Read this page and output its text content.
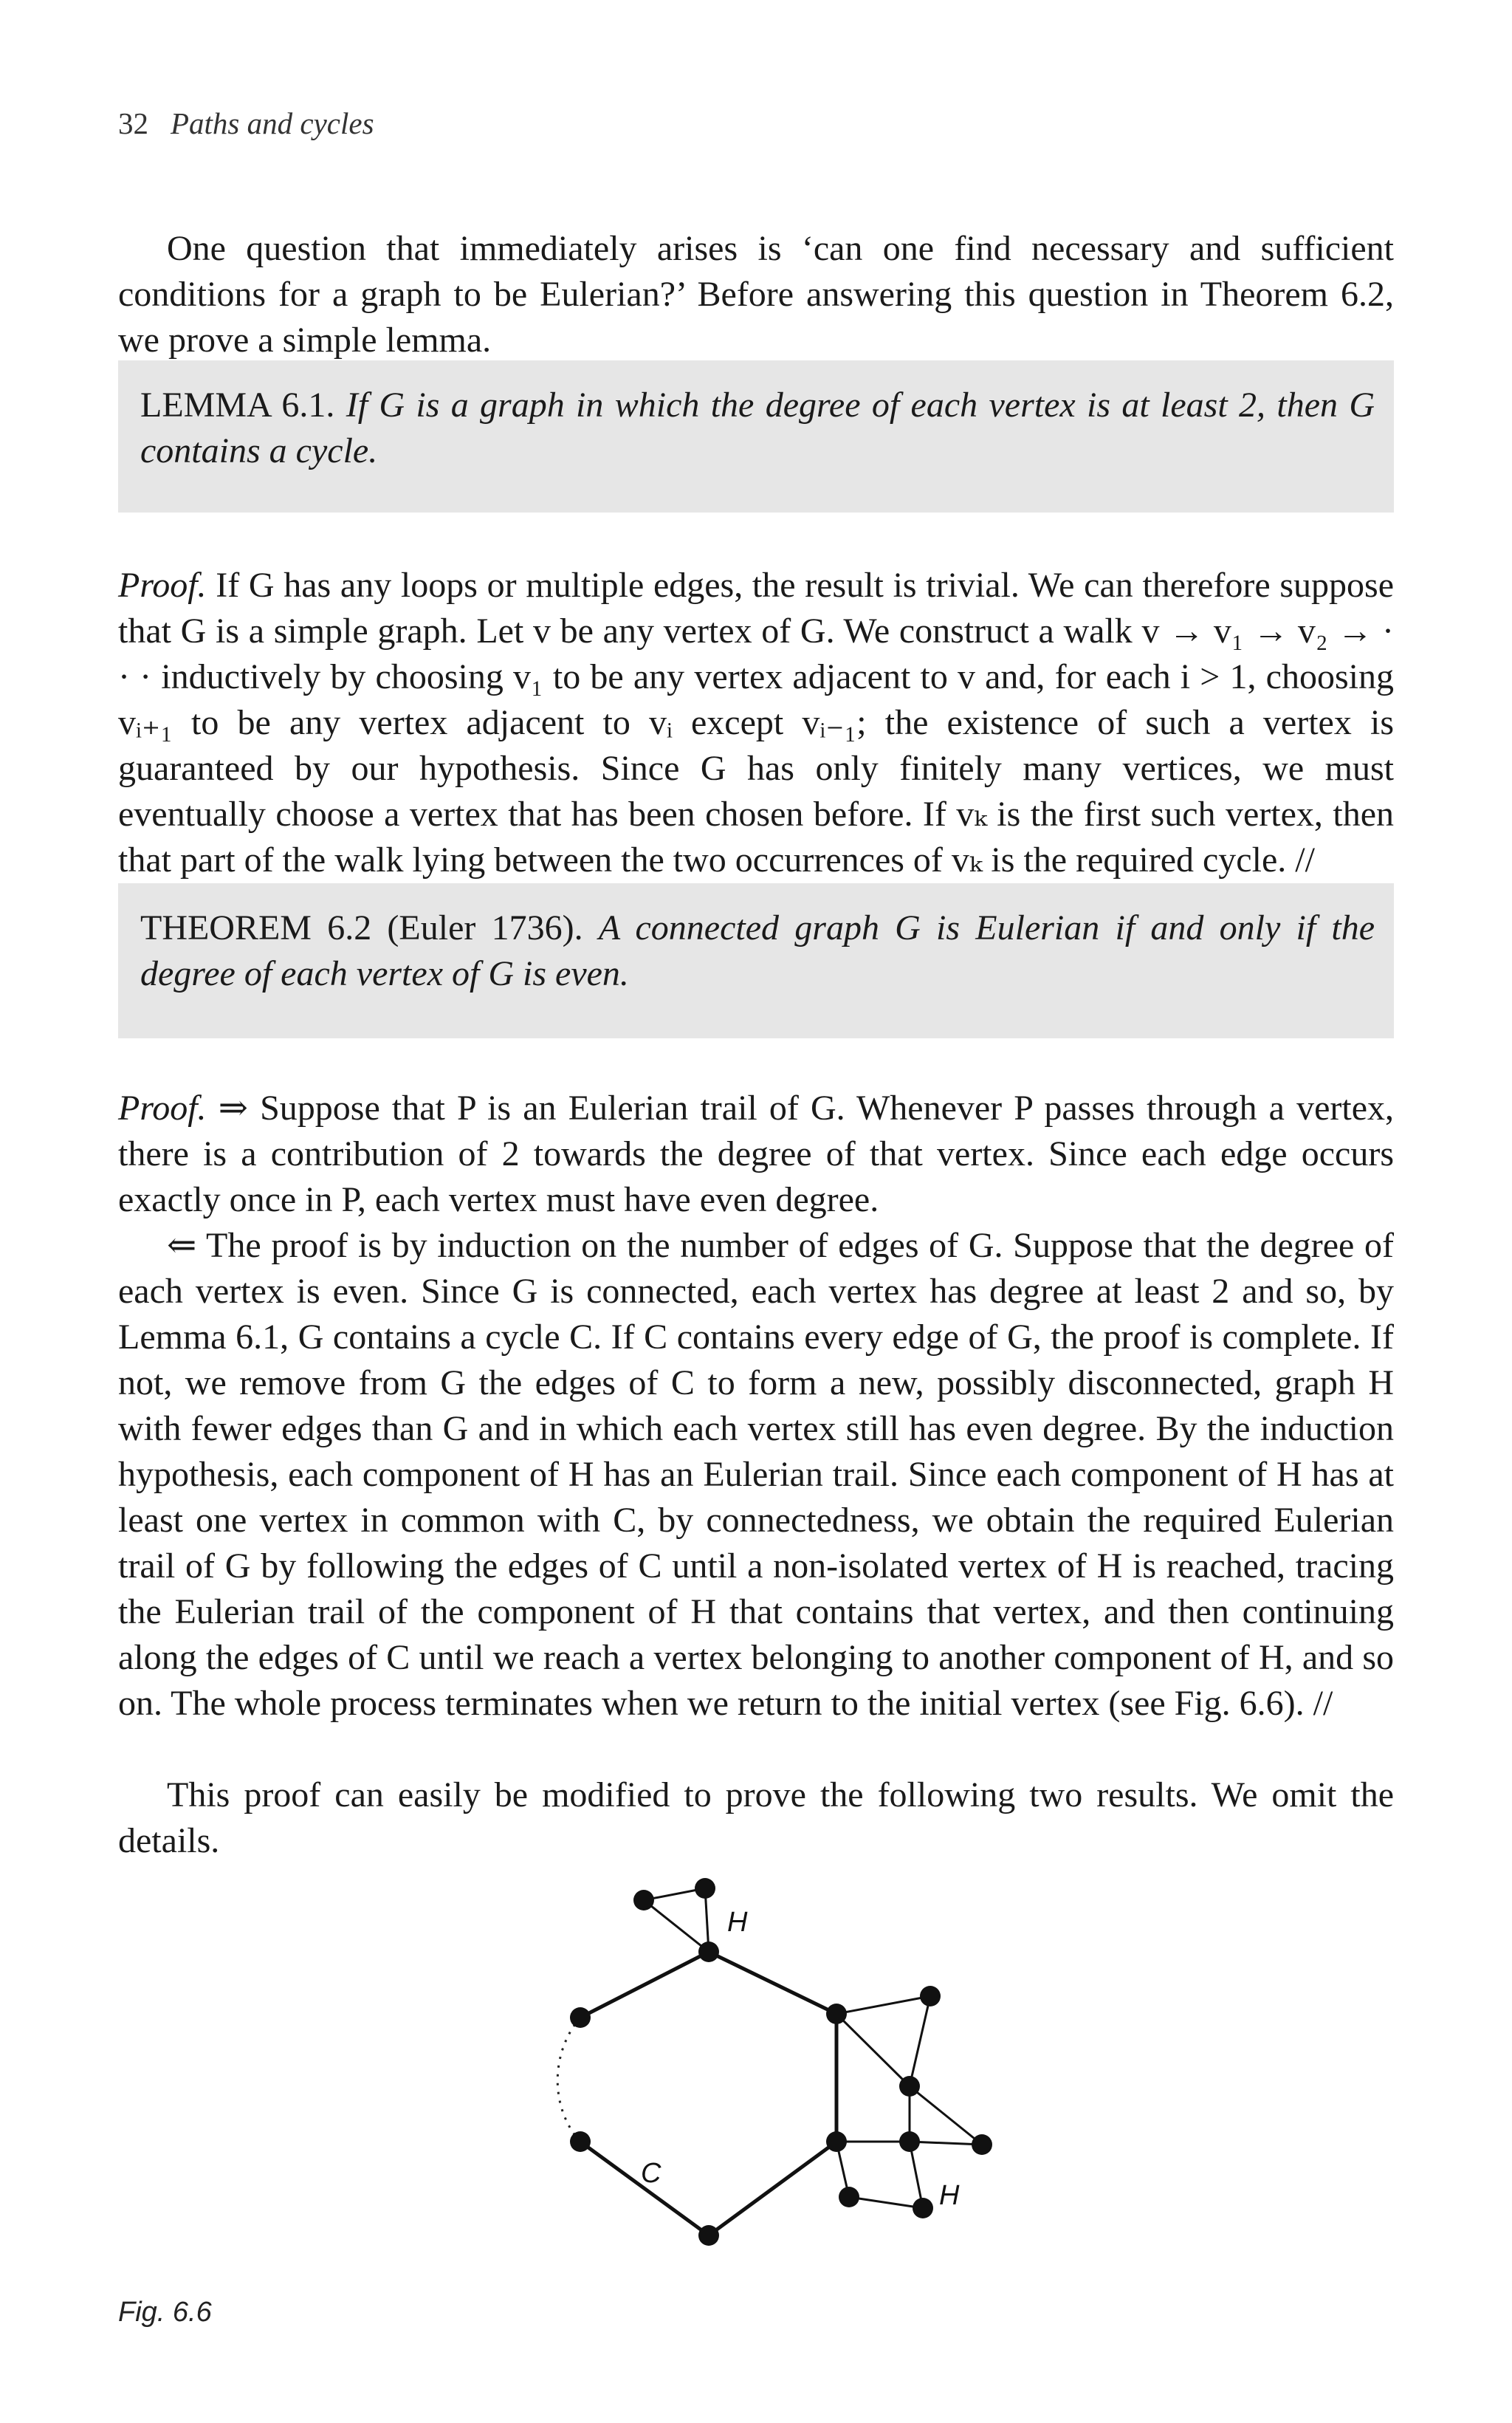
32 Paths and cycles

One question that immediately arises is ‘can one find necessary and sufficient conditions for a graph to be Eulerian?’ Before answering this question in Theorem 6.2, we prove a simple lemma.

LEMMA 6.1. If G is a graph in which the degree of each vertex is at least 2, then G contains a cycle.

Proof. If G has any loops or multiple edges, the result is trivial. We can therefore suppose that G is a simple graph. Let v be any vertex of G. We construct a walk v → v₁ → v₂ → · · · inductively by choosing v₁ to be any vertex adjacent to v and, for each i > 1, choosing vᵢ₊₁ to be any vertex adjacent to vᵢ except vᵢ₋₁; the existence of such a vertex is guaranteed by our hypothesis. Since G has only finitely many vertices, we must eventually choose a vertex that has been chosen before. If vₖ is the first such vertex, then that part of the walk lying between the two occurrences of vₖ is the required cycle. //

THEOREM 6.2 (Euler 1736). A connected graph G is Eulerian if and only if the degree of each vertex of G is even.

Proof. ⇒ Suppose that P is an Eulerian trail of G. Whenever P passes through a vertex, there is a contribution of 2 towards the degree of that vertex. Since each edge occurs exactly once in P, each vertex must have even degree.

⇐ The proof is by induction on the number of edges of G. Suppose that the degree of each vertex is even. Since G is connected, each vertex has degree at least 2 and so, by Lemma 6.1, G contains a cycle C. If C contains every edge of G, the proof is complete. If not, we remove from G the edges of C to form a new, possibly disconnected, graph H with fewer edges than G and in which each vertex still has even degree. By the induction hypothesis, each component of H has an Eulerian trail. Since each component of H has at least one vertex in common with C, by connectedness, we obtain the required Eulerian trail of G by following the edges of C until a non-isolated vertex of H is reached, tracing the Eulerian trail of the component of H that contains that vertex, and then continuing along the edges of C until we reach a vertex belonging to another component of H, and so on. The whole process terminates when we return to the initial vertex (see Fig. 6.6). //

This proof can easily be modified to prove the following two results. We omit the details.

H
H
C
Fig. 6.6
